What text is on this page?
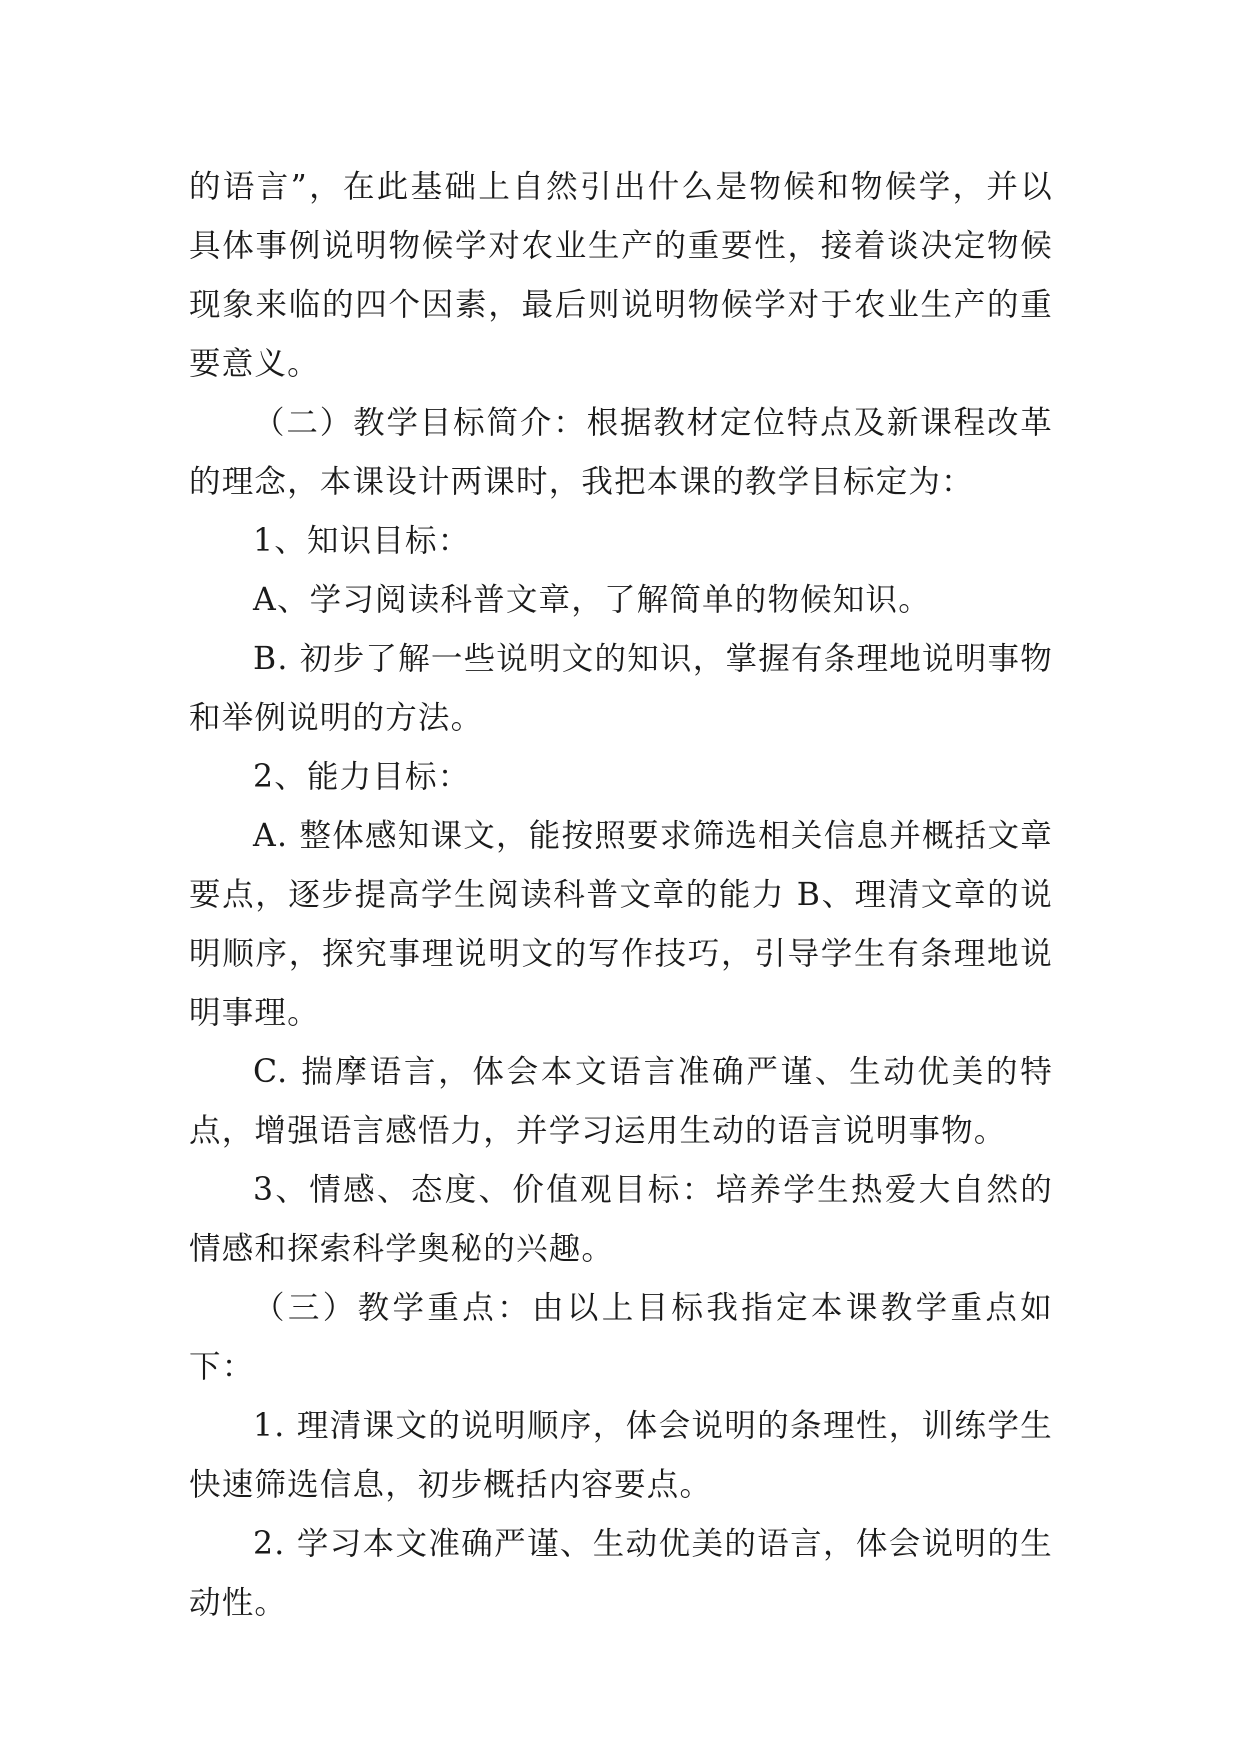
的语言”，在此基础上自然引出什么是物候和物候学，并以具体事例说明物候学对农业生产的重要性，接着谈决定物候现象来临的四个因素，最后则说明物候学对于农业生产的重要意义。

（二）教学目标简介：根据教材定位特点及新课程改革的理念，本课设计两课时，我把本课的教学目标定为：

1、知识目标：

A、学习阅读科普文章，了解简单的物候知识。

B. 初步了解一些说明文的知识，掌握有条理地说明事物和举例说明的方法。

2、能力目标：

A. 整体感知课文，能按照要求筛选相关信息并概括文章要点，逐步提高学生阅读科普文章的能力 B、理清文章的说明顺序，探究事理说明文的写作技巧，引导学生有条理地说明事理。

C. 揣摩语言，体会本文语言准确严谨、生动优美的特点，增强语言感悟力，并学习运用生动的语言说明事物。

3、情感、态度、价值观目标：培养学生热爱大自然的情感和探索科学奥秘的兴趣。

（三）教学重点：由以上目标我指定本课教学重点如下：

1. 理清课文的说明顺序，体会说明的条理性，训练学生快速筛选信息，初步概括内容要点。

2. 学习本文准确严谨、生动优美的语言，体会说明的生动性。
